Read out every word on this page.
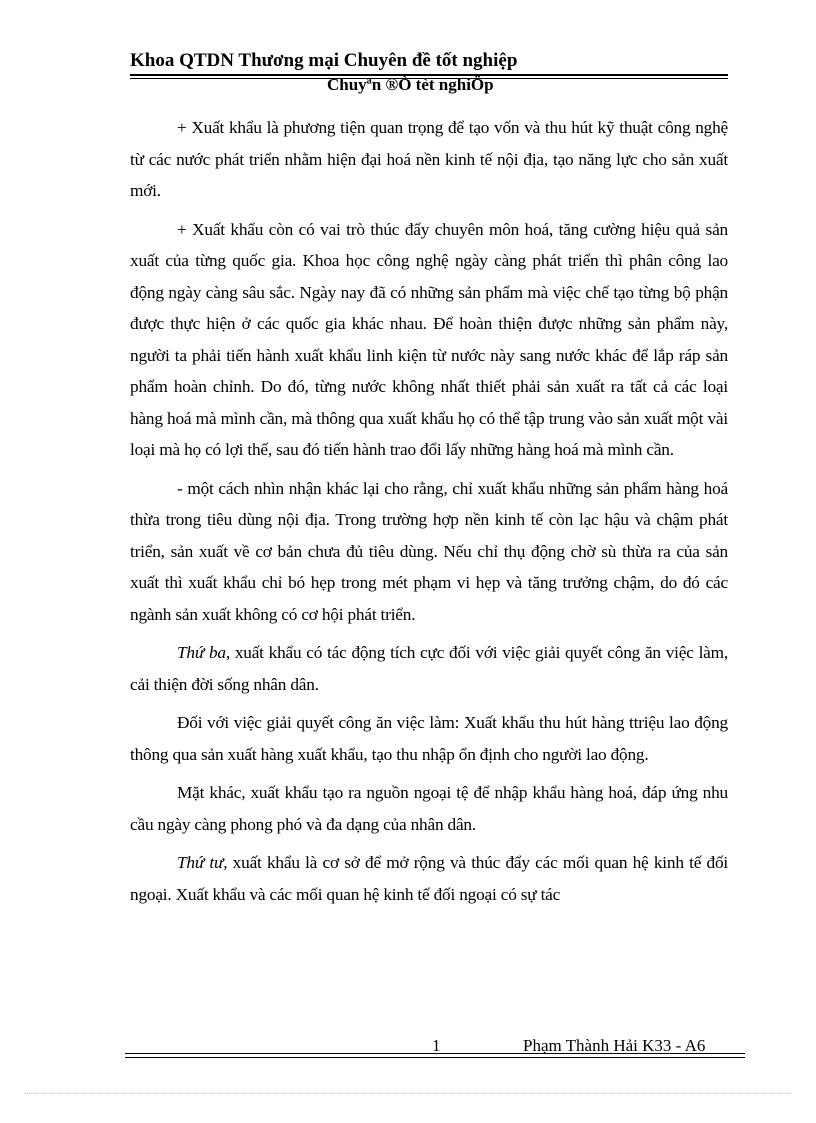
Khoa QTDN Thương mại Chuyên đề tốt nghiệp
Chuyªn ®Ò tèt nghiÖp

+ Xuất khẩu là phương tiện quan trọng để tạo vốn và thu hút kỹ thuật công nghệ từ các nước phát triển nhằm hiện đại hoá nền kinh tế nội địa, tạo năng lực cho sản xuất mới.

+ Xuất khẩu còn có vai trò thúc đẩy chuyên môn hoá, tăng cường hiệu quả sản xuất của từng quốc gia. Khoa học công nghệ ngày càng phát triển thì phân công lao động ngày càng sâu sắc. Ngày nay đã có những sản phẩm mà việc chế tạo từng bộ phận được thực hiện ở các quốc gia khác nhau. Để hoàn thiện được những sản phẩm này, người ta phải tiến hành xuất khẩu linh kiện từ nước này sang nước khác để lắp ráp sản phẩm hoàn chỉnh. Do đó, từng nước không nhất thiết phải sản xuất ra tất cả các loại hàng hoá mà mình cần, mà thông qua xuất khẩu họ có thể tập trung vào sản xuất một vài loại mà họ có lợi thế, sau đó tiến hành trao đổi lấy những hàng hoá mà mình cần.

- một cách nhìn nhận khác lại cho rằng, chỉ xuất khẩu những sản phẩm hàng hoá thừa trong tiêu dùng nội địa. Trong trường hợp nền kinh tế còn lạc hậu và chậm phát triển, sản xuất về cơ bản chưa đủ tiêu dùng. Nếu chỉ thụ động chờ sù thừa ra của sản xuất thì xuất khẩu chỉ bó hẹp trong mét phạm vi hẹp và tăng trưởng chậm, do đó các ngành sản xuất không có cơ hội phát triển.

Thứ ba, xuất khẩu có tác động tích cực đối với việc giải quyết công ăn việc làm, cải thiện đời sống nhân dân.

Đối với việc giải quyết công ăn việc làm: Xuất khẩu thu hút hàng ttriệu lao động thông qua sản xuất hàng xuất khẩu, tạo thu nhập ổn định cho người lao động.

Mặt khác, xuất khẩu tạo ra nguồn ngoại tệ để nhập khẩu hàng hoá, đáp ứng nhu cầu ngày càng phong phó và đa dạng của nhân dân.

Thứ tư, xuất khẩu là cơ sở để mở rộng và thúc đẩy các mối quan hệ kinh tế đối ngoại. Xuất khẩu và các mối quan hệ kinh tế đối ngoại có sự tác

1	Phạm Thành Hải K33 - A6
